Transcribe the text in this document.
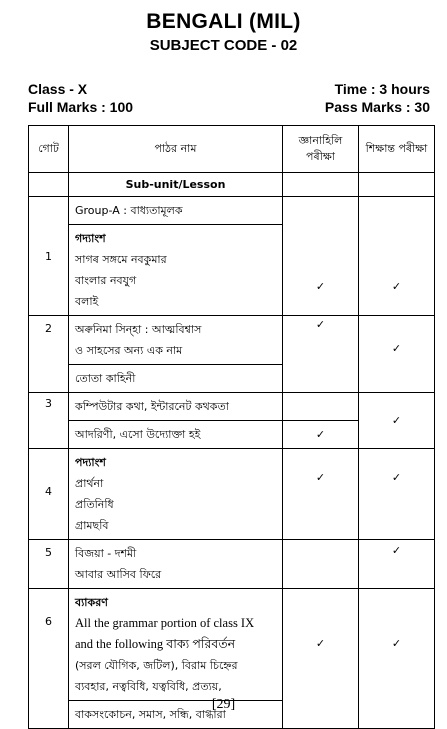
BENGALI (MIL)
SUBJECT CODE - 02
Class - X	Time : 3 hours
Full Marks : 100	Pass Marks : 30
গোট	পাঠর নাম	জ্ঞানাহিলি পৰীক্ষা	শিক্ষান্ত পৰীক্ষা
	Sub-unit/Lesson		
1	Group-A : বাধ্যতামূলক	✓	✓

	গদ্যাংশ
সাগৰ সঙ্গমে নবকুমার
বাংলার নবযুগ
বলাই		

2	অৰুনিমা সিন্হা : আত্মবিশ্বাস
ও সাহসের অন্য এক নাম	✓	✓
	তোতা কাহিনী		
3	কম্পিউটার কথা, ইন্টারনেট কথকতা		✓
	আদরিণী, এসো উদ্যোক্তা হই	✓	
4	পদ্যাংশ
প্রার্থনা
প্রতিনিধি
গ্রামছবি	✓	✓
5	বিজয়া - দশমী
আবার আসিব ফিরে		✓
6	ব্যাকরণ
All the grammar portion of class IX
and the following বাক্য পরিবর্তন
(সরল যৌগিক, জটিল), বিরাম চিহ্নের
ব্যবহার, নত্ববিধি, যত্ববিধি, প্রত্যয়,	✓	✓
	বাকসংকোচন, সমাস, সন্ধি, বাগ্ধারা		
[29]
